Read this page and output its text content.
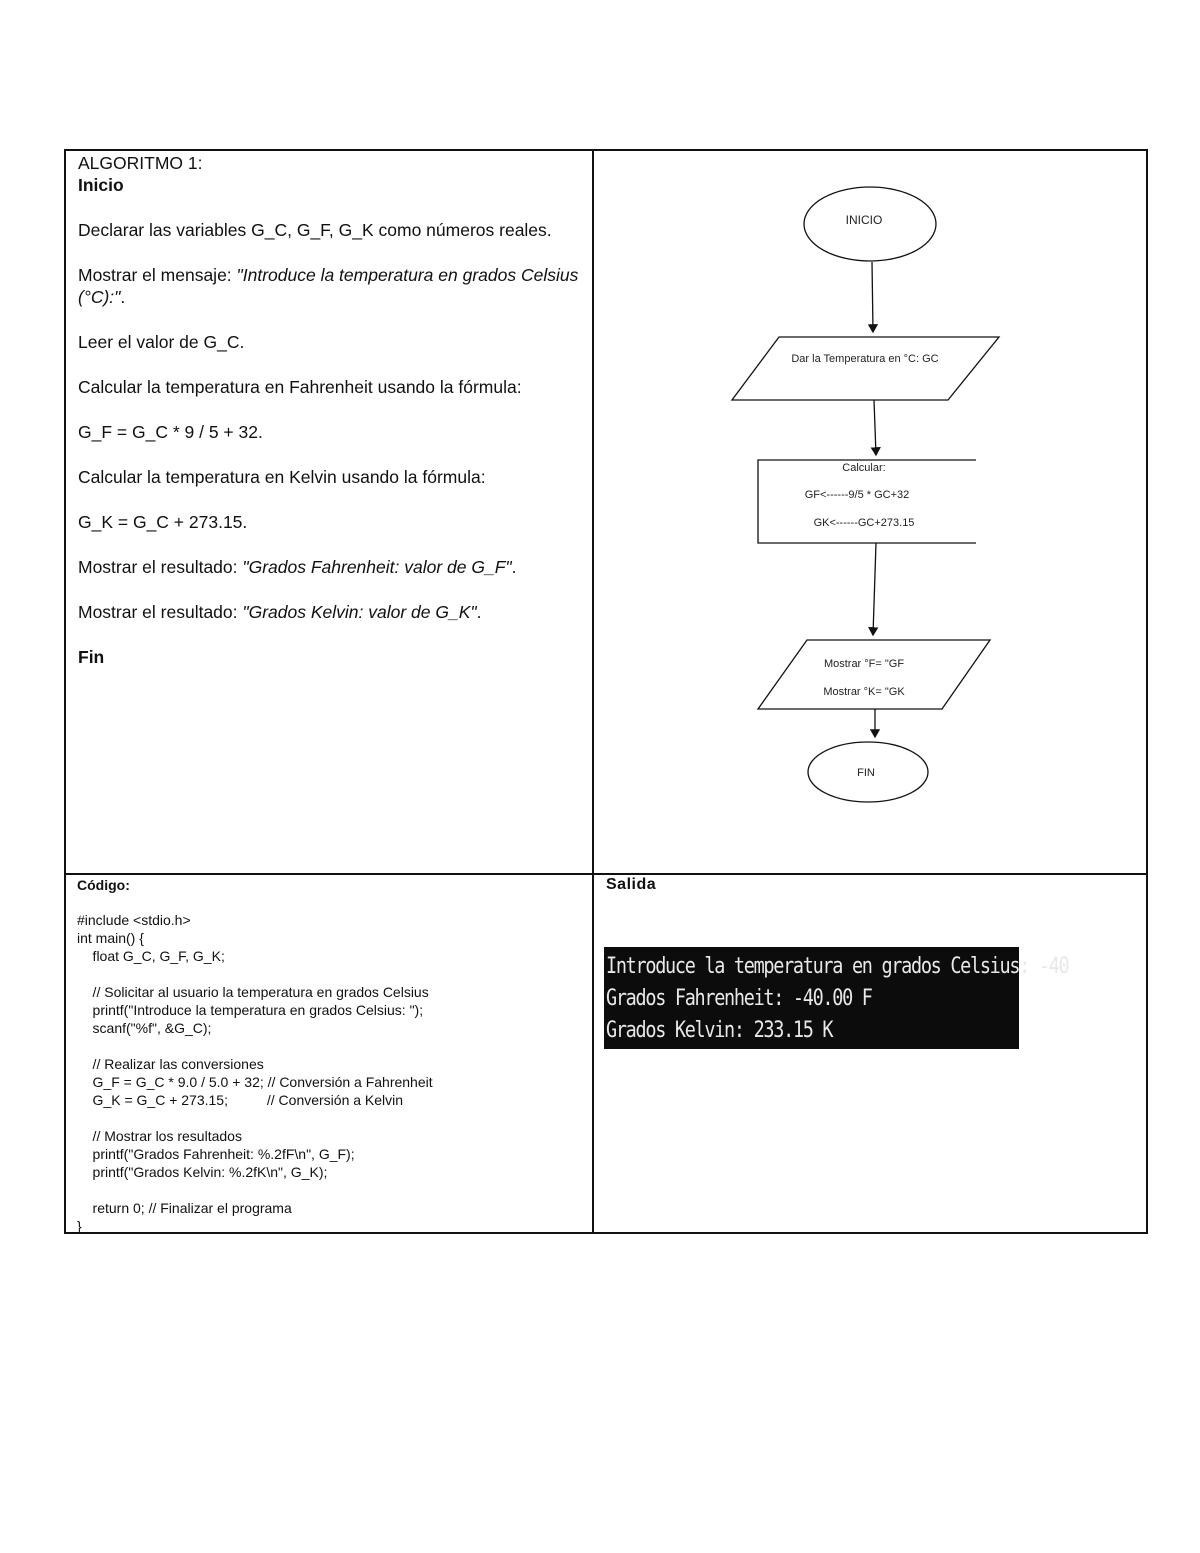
ALGORITMO 1:

Inicio

Declarar las variables G_C, G_F, G_K como números reales.

Mostrar el mensaje: "Introduce la temperatura en grados Celsius (°C):".

Leer el valor de G_C.

Calcular la temperatura en Fahrenheit usando la fórmula:

G_F = G_C * 9 / 5 + 32.

Calcular la temperatura en Kelvin usando la fórmula:

G_K = G_C + 273.15.

Mostrar el resultado: "Grados Fahrenheit: valor de G_F".

Mostrar el resultado: "Grados Kelvin: valor de G_K".

Fin

INICIO
Dar la Temperatura en °C: GC
Calcular:
GF<------9/5 * GC+32
GK<------GC+273.15
Mostrar °F= "GF
Mostrar °K= "GK
FIN
Código:
#include <stdio.h>
int main() {
float G_C, G_F, G_K;

// Solicitar al usuario la temperatura en grados Celsius
printf("Introduce la temperatura en grados Celsius: ");
scanf("%f", &G_C);

// Realizar las conversiones
G_F = G_C * 9.0 / 5.0 + 32; // Conversión a Fahrenheit
G_K = G_C + 273.15;          // Conversión a Kelvin

// Mostrar los resultados
printf("Grados Fahrenheit: %.2fF\n", G_F);
printf("Grados Kelvin: %.2fK\n", G_K);

return 0; // Finalizar el programa
}
Salida
Introduce la temperatura en grados Celsius: -40
Grados Fahrenheit: -40.00 F
Grados Kelvin: 233.15 K
